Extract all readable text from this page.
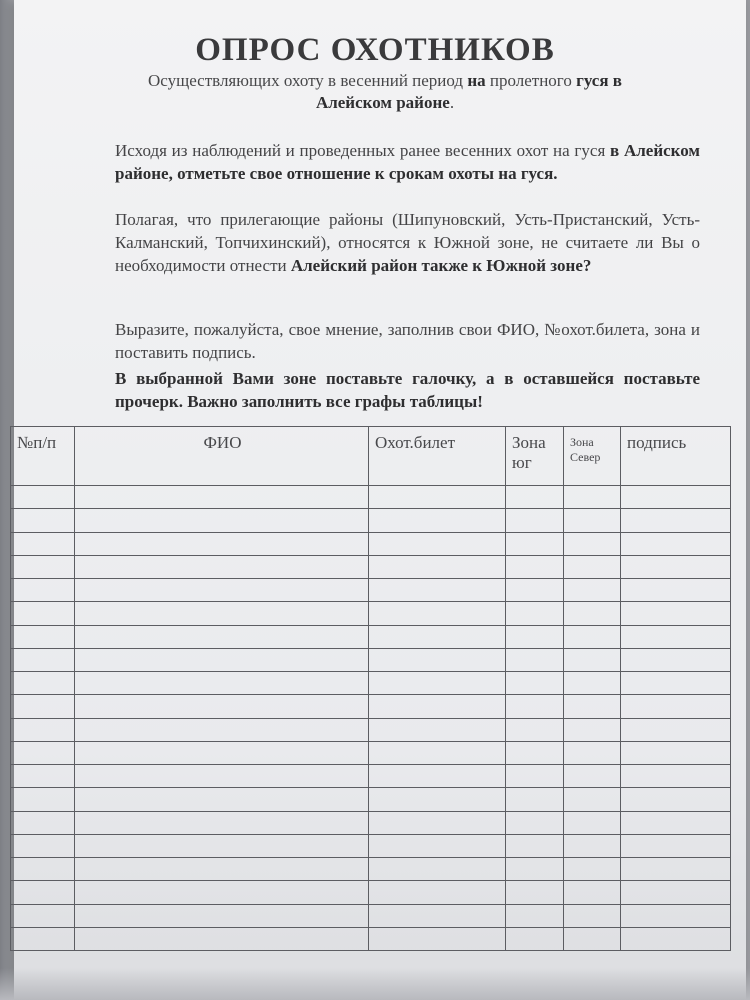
ОПРОС ОХОТНИКОВ
Осуществляющих охоту в весенний период на пролетного гуся в Алейском районе.
Исходя из наблюдений и проведенных ранее весенних охот на гуся в Алейском районе, отметьте свое отношение к срокам охоты на гуся.
Полагая, что прилегающие районы (Шипуновский, Усть-Пристанский, Усть-Калманский, Топчихинский), относятся к Южной зоне, не считаете ли Вы о необходимости отнести Алейский район также к Южной зоне?
Выразите, пожалуйста, свое мнение, заполнив свои ФИО, №охот.билета, зона и поставить подпись.
В выбранной Вами зоне поставьте галочку, а в оставшейся поставьте прочерк. Важно заполнить все графы таблицы!
№п/п	ФИО	Охот.билет	Зона юг	Зона Север	подпись
